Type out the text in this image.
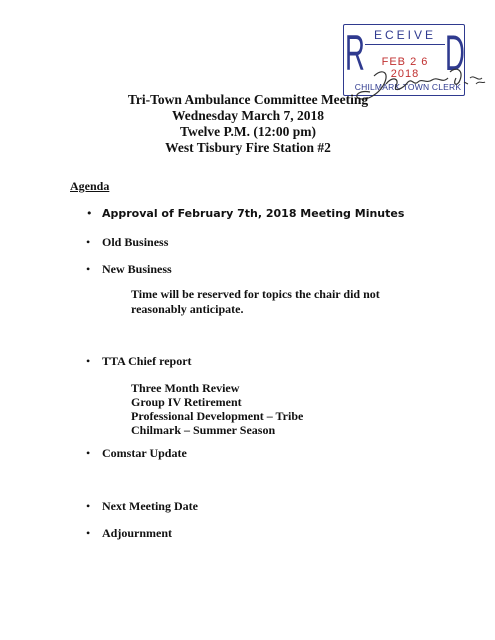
R ECEIVE D
FEB 2 6 2018
CHILMARK TOWN CLERK
Tri-Town Ambulance Committee Meeting
Wednesday March 7, 2018
Twelve P.M. (12:00 pm)
West Tisbury Fire Station #2
Agenda
• Approval of February 7th, 2018 Meeting Minutes
• Old Business
• New Business
Time will be reserved for topics the chair did not reasonably anticipate.
• TTA Chief report
Three Month Review
Group IV Retirement
Professional Development – Tribe
Chilmark – Summer Season
• Comstar Update
• Next Meeting Date
• Adjournment
